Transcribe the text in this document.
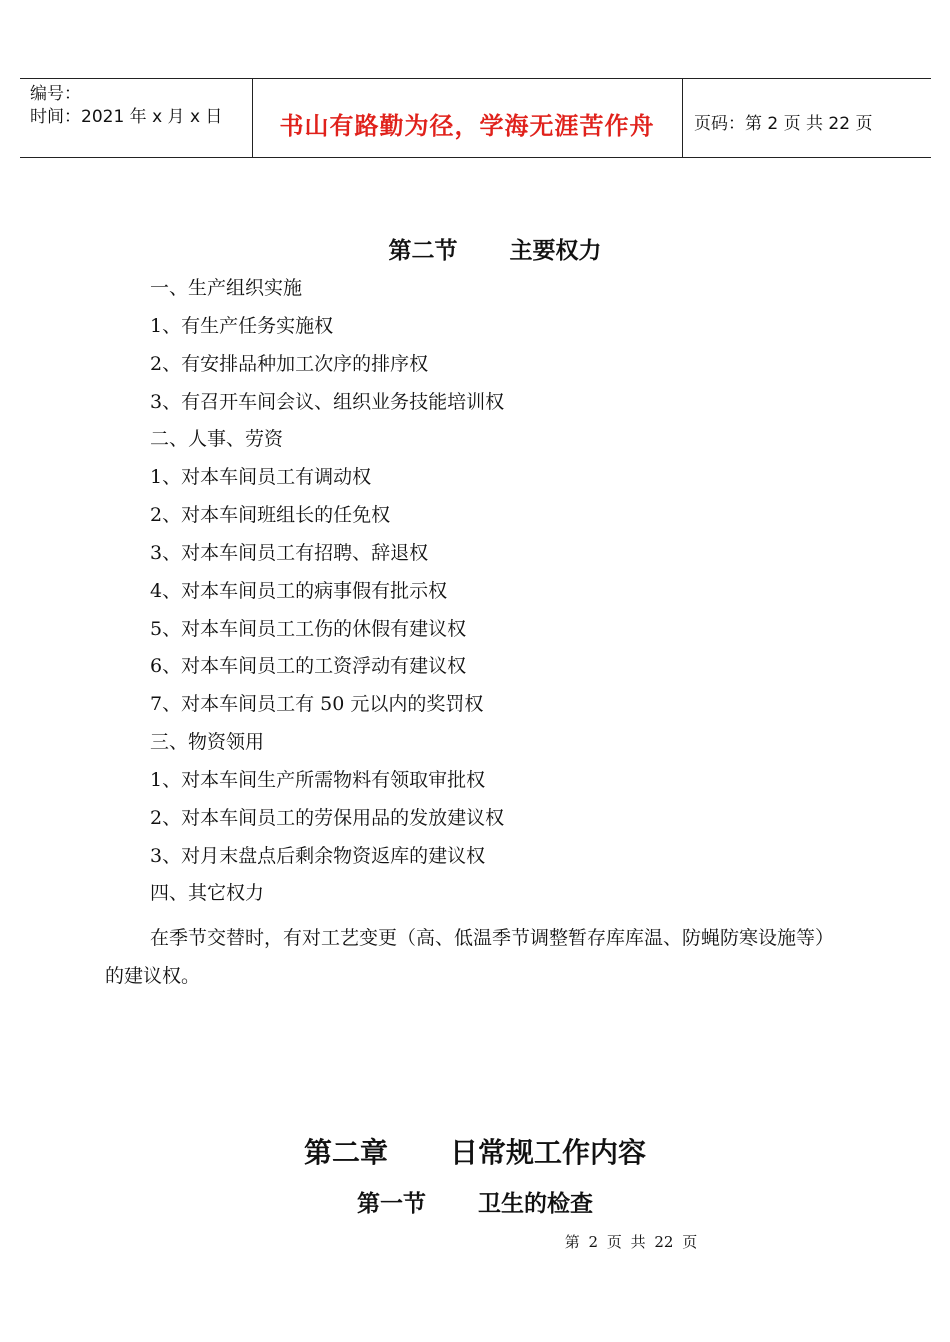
编号：
时间：2021 年 x 月 x 日	书山有路勤为径，学海无涯苦作舟	页码：第 2 页 共 22 页
第二节 主要权力
一、生产组织实施
1、有生产任务实施权
2、有安排品种加工次序的排序权
3、有召开车间会议、组织业务技能培训权
二、人事、劳资
1、对本车间员工有调动权
2、对本车间班组长的任免权
3、对本车间员工有招聘、辞退权
4、对本车间员工的病事假有批示权
5、对本车间员工工伤的休假有建议权
6、对本车间员工的工资浮动有建议权
7、对本车间员工有 50 元以内的奖罚权
三、物资领用
1、对本车间生产所需物料有领取审批权
2、对本车间员工的劳保用品的发放建议权
3、对月末盘点后剩余物资返库的建议权
四、其它权力
在季节交替时，有对工艺变更（高、低温季节调整暂存库库温、防蝇防寒设施等）的建议权。
第二章 日常规工作内容
第一节 卫生的检查
第 2 页 共 22 页
